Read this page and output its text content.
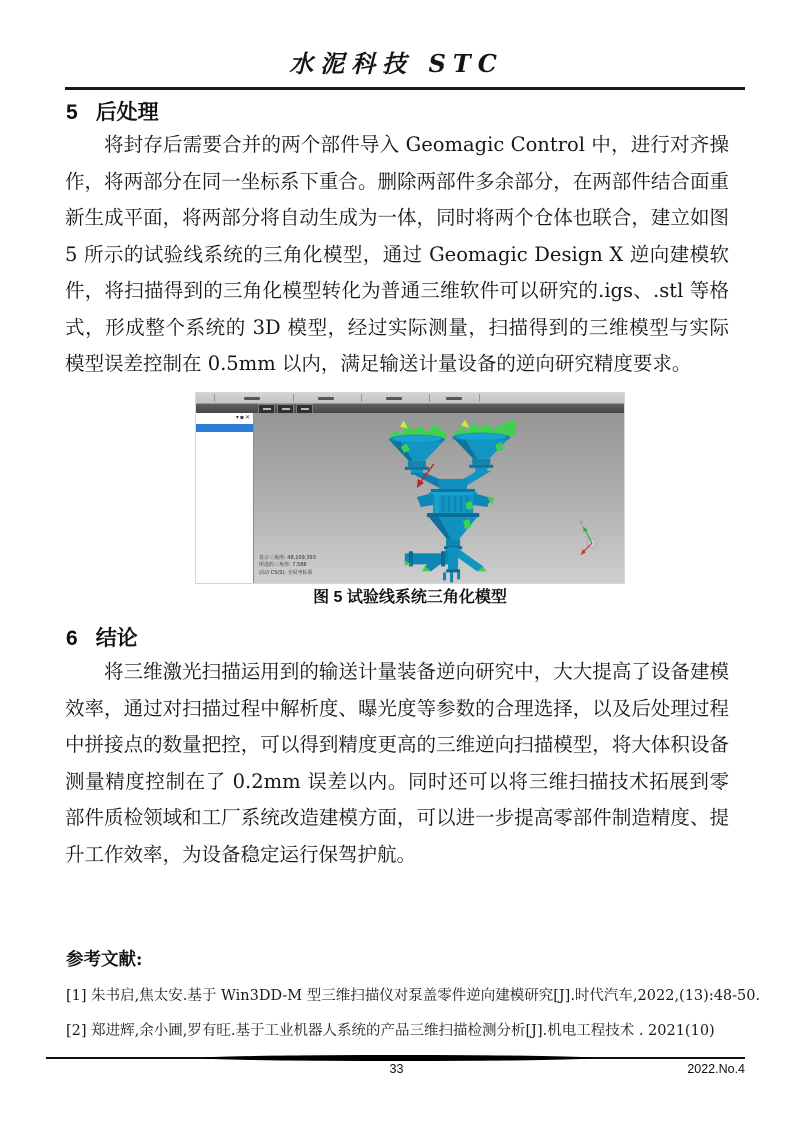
水泥科技 STC
5 后处理

将封存后需要合并的两个部件导入 Geomagic Control 中，进行对齐操作，将两部分在同一坐标系下重合。删除两部件多余部分，在两部件结合面重新生成平面，将两部分将自动生成为一体，同时将两个仓体也联合，建立如图 5 所示的试验线系统的三角化模型，通过 Geomagic Design X 逆向建模软件，将扫描得到的三角化模型转化为普通三维软件可以研究的.igs、.stl 等格式，形成整个系统的 3D 模型，经过实际测量，扫描得到的三维模型与实际模型误差控制在 0.5mm 以内，满足输送计量设备的逆向研究精度要求。

▾▪✕
Y
显示三角形: 48,109,393
所选的三角形: 7,588
活动 CS(S): 全局坐标系
图 5 试验线系统三角化模型
6 结论

将三维激光扫描运用到的输送计量装备逆向研究中，大大提高了设备建模效率，通过对扫描过程中解析度、曝光度等参数的合理选择，以及后处理过程中拼接点的数量把控，可以得到精度更高的三维逆向扫描模型，将大体积设备测量精度控制在了 0.2mm 误差以内。同时还可以将三维扫描技术拓展到零部件质检领域和工厂系统改造建模方面，可以进一步提高零部件制造精度、提升工作效率，为设备稳定运行保驾护航。

参考文献:
[1] 朱书启,焦太安.基于 Win3DD-M 型三维扫描仪对泵盖零件逆向建模研究[J].时代汽车,2022,(13):48-50.
[2] 郑进辉,余小圃,罗有旺.基于工业机器人系统的产品三维扫描检测分析[J].机电工程技术 . 2021(10)
33	2022.No.4
